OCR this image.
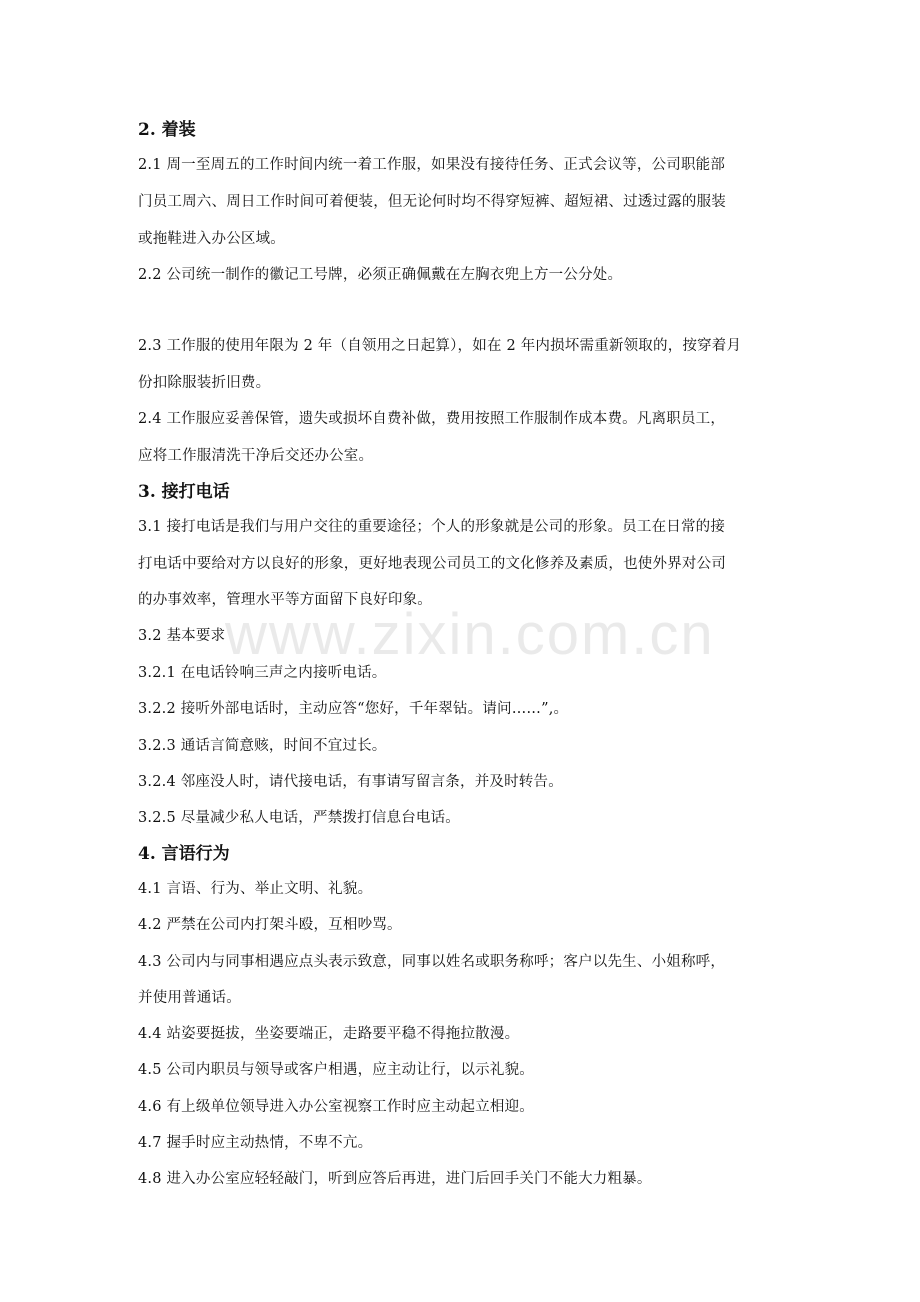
www.zixin.com.cn

2. 着装

2.1 周一至周五的工作时间内统一着工作服，如果没有接待任务、正式会议等，公司职能部

门员工周六、周日工作时间可着便装，但无论何时均不得穿短裤、超短裙、过透过露的服装

或拖鞋进入办公区域。

2.2 公司统一制作的徽记工号牌，必须正确佩戴在左胸衣兜上方一公分处。

2.3 工作服的使用年限为 2 年（自领用之日起算），如在 2 年内损坏需重新领取的，按穿着月

份扣除服装折旧费。

2.4 工作服应妥善保管，遗失或损坏自费补做，费用按照工作服制作成本费。凡离职员工，

应将工作服清洗干净后交还办公室。

3. 接打电话

3.1 接打电话是我们与用户交往的重要途径；个人的形象就是公司的形象。员工在日常的接

打电话中要给对方以良好的形象，更好地表现公司员工的文化修养及素质，也使外界对公司

的办事效率，管理水平等方面留下良好印象。

3.2 基本要求

3.2.1 在电话铃响三声之内接听电话。

3.2.2 接听外部电话时，主动应答“您好，千年翠钻。请问……”,。

3.2.3 通话言简意赅，时间不宜过长。

3.2.4 邻座没人时，请代接电话，有事请写留言条，并及时转告。

3.2.5 尽量减少私人电话，严禁拨打信息台电话。

4. 言语行为

4.1 言语、行为、举止文明、礼貌。

4.2 严禁在公司内打架斗殴，互相吵骂。

4.3 公司内与同事相遇应点头表示致意，同事以姓名或职务称呼；客户以先生、小姐称呼，

并使用普通话。

4.4 站姿要挺拔，坐姿要端正，走路要平稳不得拖拉散漫。

4.5 公司内职员与领导或客户相遇，应主动让行，以示礼貌。

4.6 有上级单位领导进入办公室视察工作时应主动起立相迎。

4.7 握手时应主动热情，不卑不亢。

4.8 进入办公室应轻轻敲门，听到应答后再进，进门后回手关门不能大力粗暴。
